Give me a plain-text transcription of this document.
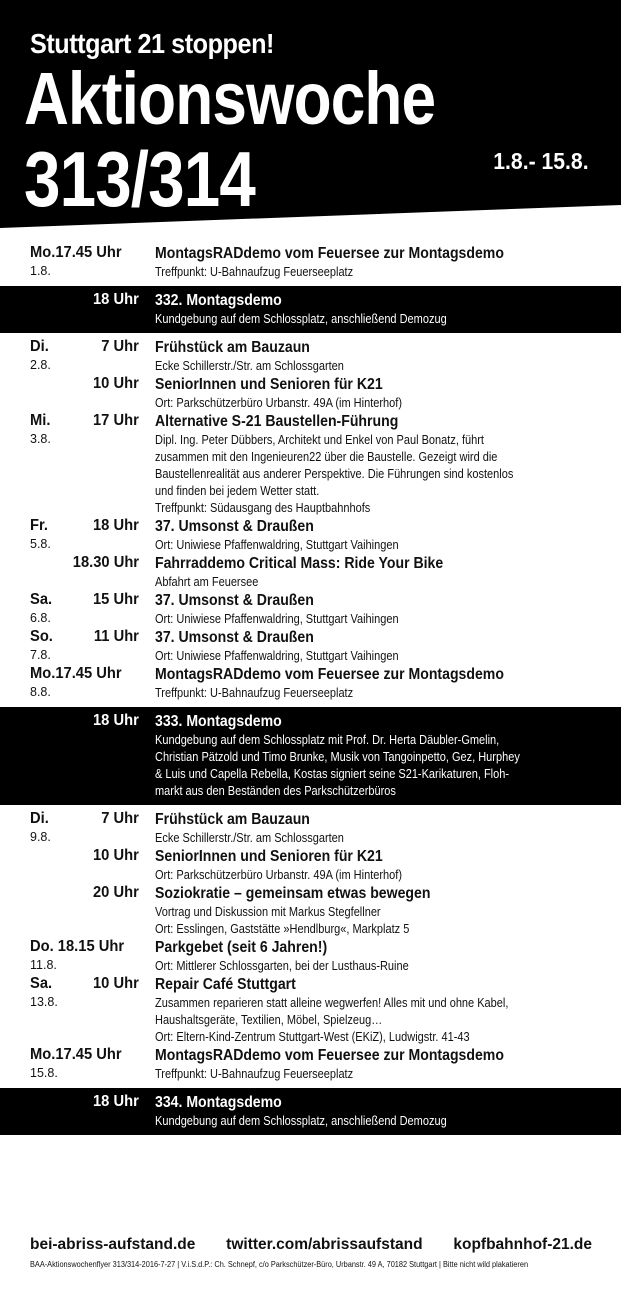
Stuttgart 21 stoppen!
Aktionswoche
313/314	1.8.- 15.8.
Mo.17.45 Uhr
1.8.
MontagsRADdemo vom Feuersee zur Montagsdemo
Treffpunkt: U-Bahnaufzug Feuerseeplatz
18 Uhr 332. Montagsdemo
Kundgebung auf dem Schlossplatz, anschließend Demozug
Di.
2.8.
7 Uhr Frühstück am Bauzaun
Ecke Schillerstr./Str. am Schlossgarten
10 Uhr SeniorInnen und Senioren für K21
Ort: Parkschützerbüro Urbanstr. 49A (im Hinterhof)
Mi.
3.8.
17 Uhr Alternative S-21 Baustellen-Führung
Dipl. Ing. Peter Dübbers, Architekt und Enkel von Paul Bonatz, führt
zusammen mit den Ingenieuren22 über die Baustelle. Gezeigt wird die
Baustellenrealität aus anderer Perspektive. Die Führungen sind kostenlos
und finden bei jedem Wetter statt.
Treffpunkt: Südausgang des Hauptbahnhofs
Fr.
5.8.
18 Uhr 37. Umsonst & Draußen
Ort: Uniwiese Pfaffenwaldring, Stuttgart Vaihingen
18.30 Uhr Fahrraddemo Critical Mass: Ride Your Bike
Abfahrt am Feuersee
Sa.
6.8.
15 Uhr 37. Umsonst & Draußen
Ort: Uniwiese Pfaffenwaldring, Stuttgart Vaihingen
So.
7.8.
11 Uhr 37. Umsonst & Draußen
Ort: Uniwiese Pfaffenwaldring, Stuttgart Vaihingen
Mo.17.45 Uhr
8.8.
MontagsRADdemo vom Feuersee zur Montagsdemo
Treffpunkt: U-Bahnaufzug Feuerseeplatz
18 Uhr 333. Montagsdemo
Kundgebung auf dem Schlossplatz mit Prof. Dr. Herta Däubler-Gmelin,
Christian Pätzold und Timo Brunke, Musik von Tangoinpetto, Gez, Hurphey
& Luis und Capella Rebella, Kostas signiert seine S21-Karikaturen, Floh-
markt aus den Beständen des Parkschützerbüros
Di.
9.8.
7 Uhr Frühstück am Bauzaun
Ecke Schillerstr./Str. am Schlossgarten
10 Uhr SeniorInnen und Senioren für K21
Ort: Parkschützerbüro Urbanstr. 49A (im Hinterhof)
20 Uhr Soziokratie – gemeinsam etwas bewegen
Vortrag und Diskussion mit Markus Stegfellner
Ort: Esslingen, Gaststätte »Hendlburg«, Markplatz 5
Do. 18.15 Uhr
11.8.
Parkgebet (seit 6 Jahren!)
Ort: Mittlerer Schlossgarten, bei der Lusthaus-Ruine
Sa.
13.8.
10 Uhr Repair Café Stuttgart
Zusammen reparieren statt alleine wegwerfen! Alles mit und ohne Kabel,
Haushaltsgeräte, Textilien, Möbel, Spielzeug…
Ort: Eltern-Kind-Zentrum Stuttgart-West (EKiZ), Ludwigstr. 41-43
Mo.17.45 Uhr
15.8.
MontagsRADdemo vom Feuersee zur Montagsdemo
Treffpunkt: U-Bahnaufzug Feuerseeplatz
18 Uhr 334. Montagsdemo
Kundgebung auf dem Schlossplatz, anschließend Demozug
bei-abriss-aufstand.de twitter.com/abrissaufstand kopfbahnhof-21.de
BAA-Aktionswochenflyer 313/314-2016-7-27 | V.i.S.d.P.: Ch. Schnepf, c/o Parkschützer-Büro, Urbanstr. 49 A, 70182 Stuttgart | Bitte nicht wild plakatieren
